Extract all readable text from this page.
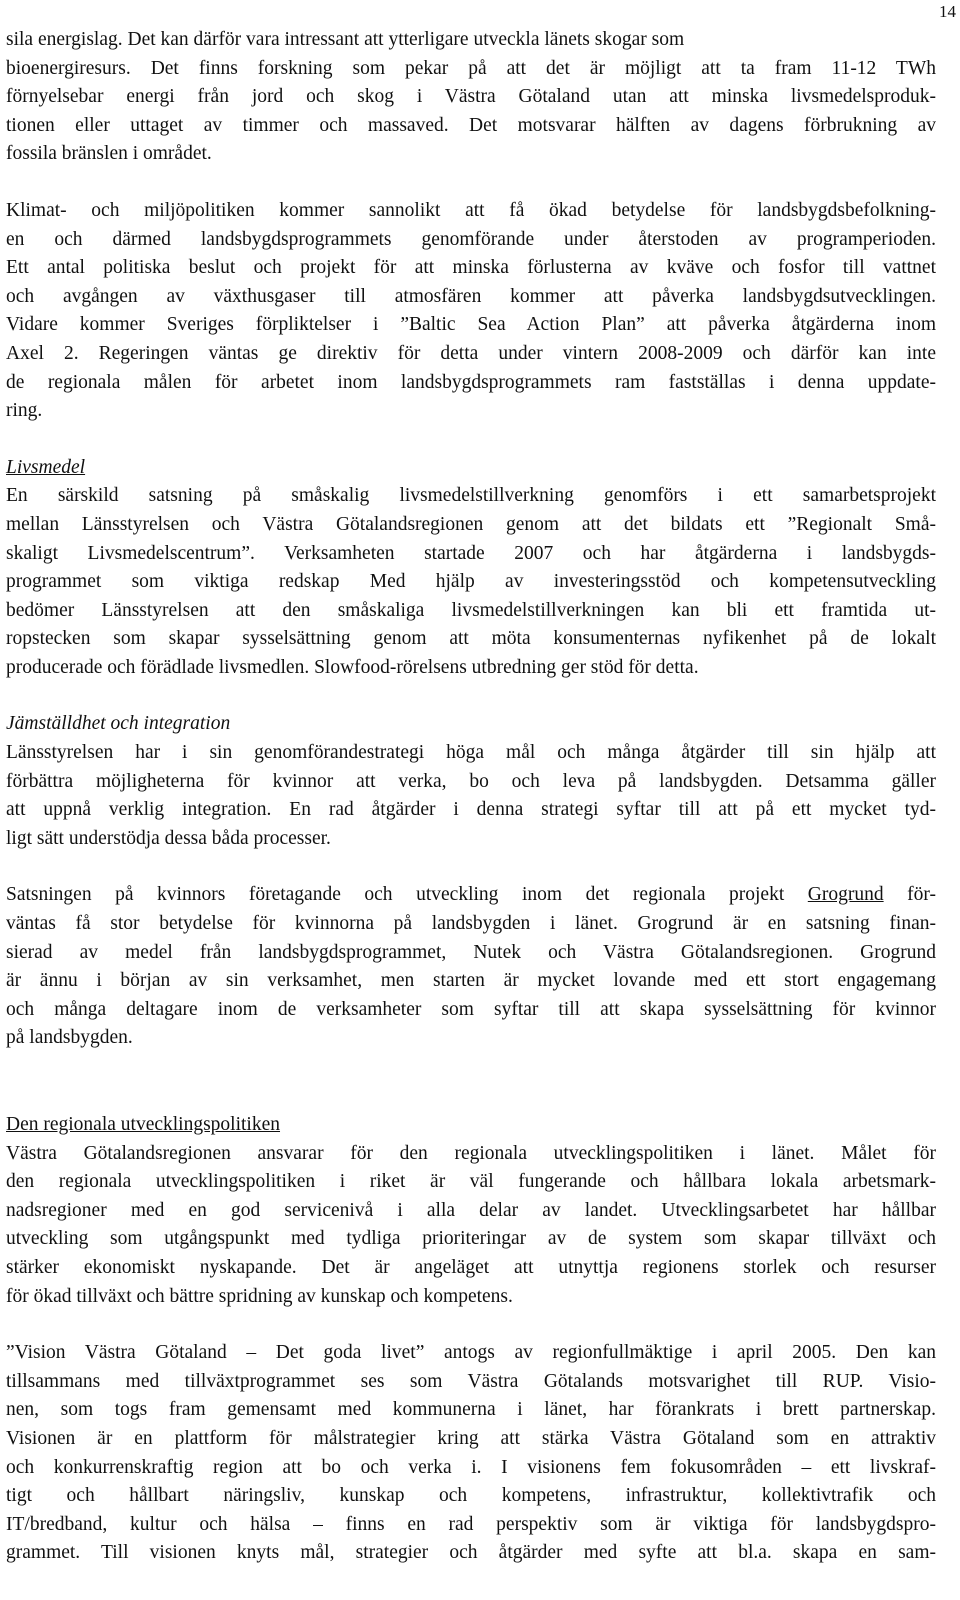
14
sila energislag. Det kan därför vara intressant att ytterligare utveckla länets skogar som
bioenergiresurs. Det finns forskning som pekar på att det är möjligt att ta fram 11-12 TWh
förnyelsebar energi från jord och skog i Västra Götaland utan att minska livsmedelsproduk-
tionen eller uttaget av timmer och massaved. Det motsvarar hälften av dagens förbrukning av
fossila bränslen i området.
Klimat- och miljöpolitiken kommer sannolikt att få ökad betydelse för landsbygdsbefolkning-
en och därmed landsbygdsprogrammets genomförande under återstoden av programperioden.
Ett antal politiska beslut och projekt för att minska förlusterna av kväve och fosfor till vattnet
och avgången av växthusgaser till atmosfären kommer att påverka landsbygdsutvecklingen.
Vidare kommer Sveriges förpliktelser i ”Baltic Sea Action Plan” att påverka åtgärderna inom
Axel 2. Regeringen väntas ge direktiv för detta under vintern 2008-2009 och därför kan inte
de regionala målen för arbetet inom landsbygdsprogrammets ram fastställas i denna uppdate-
ring.
Livsmedel
En särskild satsning på småskalig livsmedelstillverkning genomförs i ett samarbetsprojekt
mellan Länsstyrelsen och Västra Götalandsregionen genom att det bildats ett ”Regionalt Små-
skaligt Livsmedelscentrum”. Verksamheten startade 2007 och har åtgärderna i landsbygds-
programmet som viktiga redskap Med hjälp av investeringsstöd och kompetensutveckling
bedömer Länsstyrelsen att den småskaliga livsmedelstillverkningen kan bli ett framtida ut-
ropstecken som skapar sysselsättning genom att möta konsumenternas nyfikenhet på de lokalt
producerade och förädlade livsmedlen. Slowfood-rörelsens utbredning ger stöd för detta.
Jämställdhet och integration
Länsstyrelsen har i sin genomförandestrategi höga mål och många åtgärder till sin hjälp att
förbättra möjligheterna för kvinnor att verka, bo och leva på landsbygden. Detsamma gäller
att uppnå verklig integration. En rad åtgärder i denna strategi syftar till att på ett mycket tyd-
ligt sätt understödja dessa båda processer.
Satsningen på kvinnors företagande och utveckling inom det regionala projekt Grogrund för-
väntas få stor betydelse för kvinnorna på landsbygden i länet. Grogrund är en satsning finan-
sierad av medel från landsbygdsprogrammet, Nutek och Västra Götalandsregionen. Grogrund
är ännu i början av sin verksamhet, men starten är mycket lovande med ett stort engagemang
och många deltagare inom de verksamheter som syftar till att skapa sysselsättning för kvinnor
på landsbygden.
Den regionala utvecklingspolitiken
Västra Götalandsregionen ansvarar för den regionala utvecklingspolitiken i länet. Målet för
den regionala utvecklingspolitiken i riket är väl fungerande och hållbara lokala arbetsmark-
nadsregioner med en god servicenivå i alla delar av landet. Utvecklingsarbetet har hållbar
utveckling som utgångspunkt med tydliga prioriteringar av de system som skapar tillväxt och
stärker ekonomiskt nyskapande. Det är angeläget att utnyttja regionens storlek och resurser
för ökad tillväxt och bättre spridning av kunskap och kompetens.
”Vision Västra Götaland – Det goda livet” antogs av regionfullmäktige i april 2005. Den kan
tillsammans med tillväxtprogrammet ses som Västra Götalands motsvarighet till RUP. Visio-
nen, som togs fram gemensamt med kommunerna i länet, har förankrats i brett partnerskap.
Visionen är en plattform för målstrategier kring att stärka Västra Götaland som en attraktiv
och konkurrenskraftig region att bo och verka i. I visionens fem fokusområden – ett livskraf-
tigt och hållbart näringsliv, kunskap och kompetens, infrastruktur, kollektivtrafik och
IT/bredband, kultur och hälsa – finns en rad perspektiv som är viktiga för landsbygdspro-
grammet. Till visionen knyts mål, strategier och åtgärder med syfte att bl.a. skapa en sam-
